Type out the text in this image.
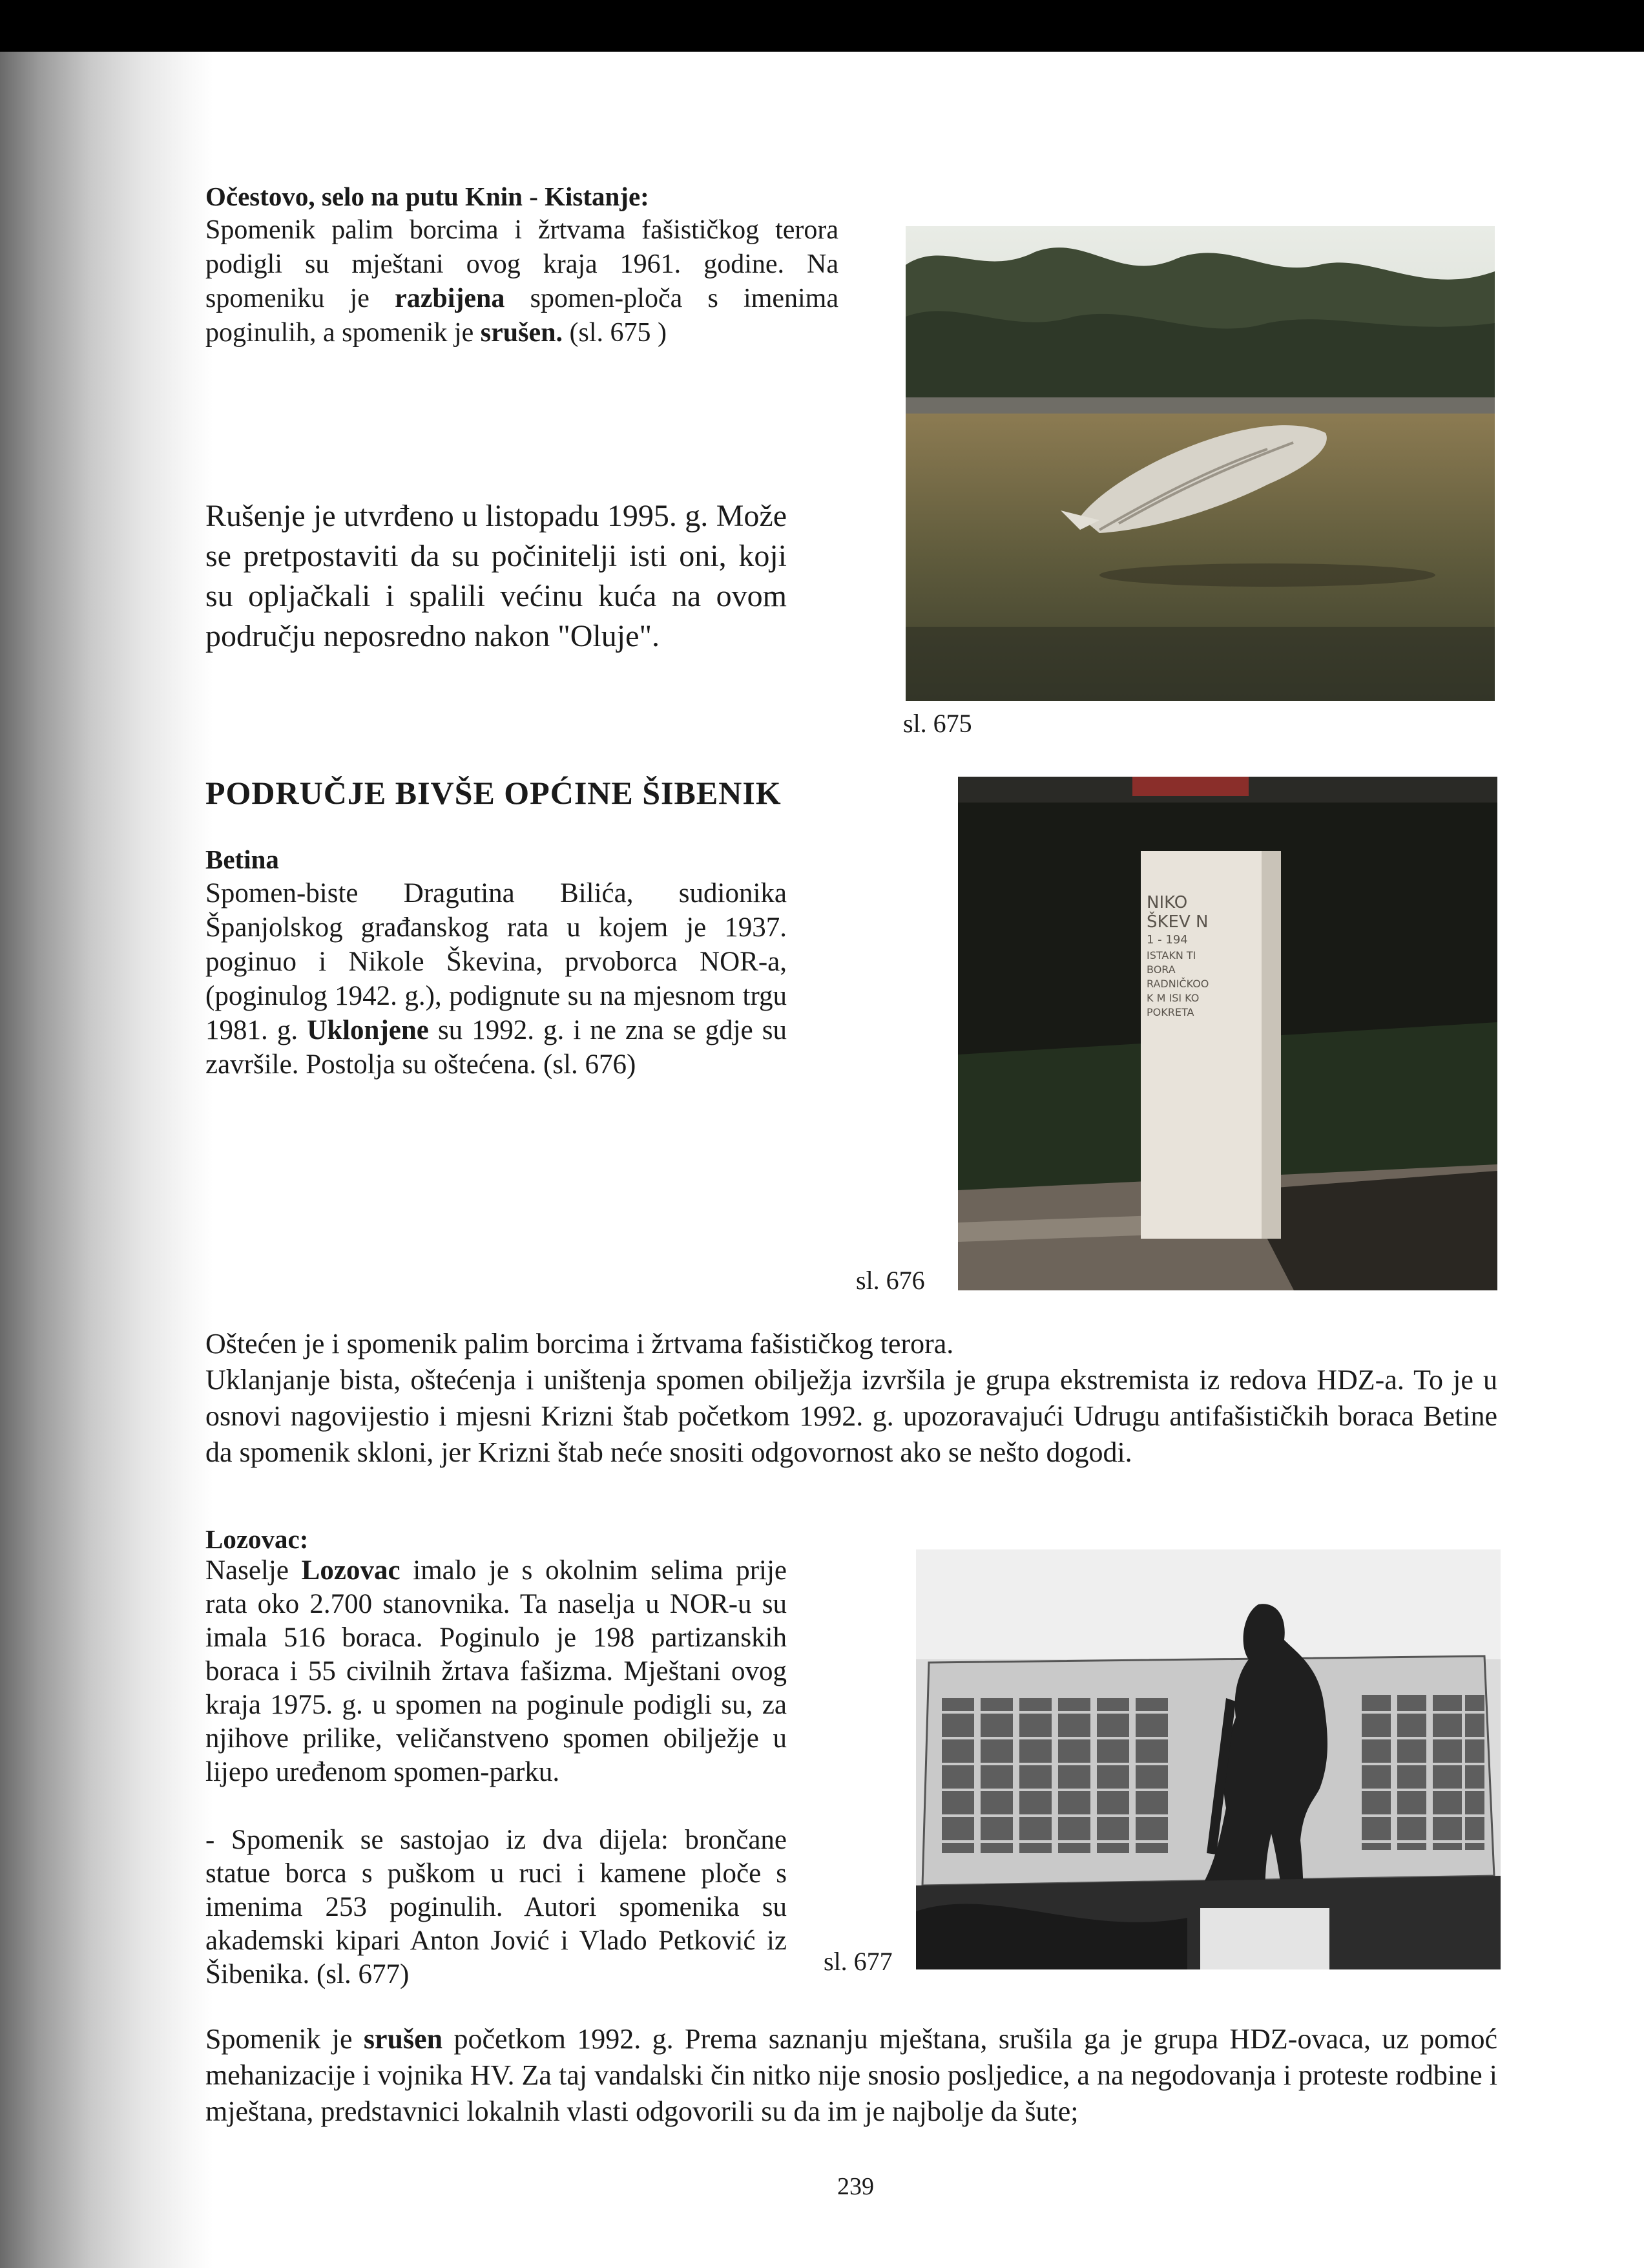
Očestovo, selo na putu Knin - Kistanje:
Spomenik palim borcima i žrtvama fašističkog terora podigli su mještani ovog kraja 1961. godine. Na spomeniku je razbijena spomen-ploča s imenima poginulih, a spomenik je srušen. (sl. 675 )
Rušenje je utvrđeno u listopadu 1995. g. Može se pretpostaviti da su počinitelji isti oni, koji su opljačkali i spalili većinu kuća na ovom području neposredno nakon "Oluje".
sl. 675
PODRUČJE BIVŠE OPĆINE ŠIBENIK
Betina
Spomen-biste Dragutina Bilića, sudionika Španjolskog građanskog rata u kojem je 1937. poginuo i Nikole Škevina, prvoborca NOR-a, (poginulog 1942. g.), podignute su na mjesnom trgu 1981. g. Uklonjene su 1992. g. i ne zna se gdje su završile. Postolja su oštećena. (sl. 676)
NIKO
ŠKEV N
1 - 194
ISTAKN TI
BORA
RADNIČKOO
K M ISI KO
POKRETA
sl. 676
Oštećen je i spomenik palim borcima i žrtvama fašističkog terora.
Uklanjanje bista, oštećenja i uništenja spomen obilježja izvršila je grupa ekstremista iz redova HDZ-a. To je u osnovi nagovijestio i mjesni Krizni štab početkom 1992. g. upozoravajući Udrugu antifašističkih boraca Betine da spomenik skloni, jer Krizni štab neće snositi odgovornost ako se nešto dogodi.
Lozovac:
Naselje Lozovac imalo je s okolnim selima prije rata oko 2.700 stanovnika. Ta naselja u NOR-u su imala 516 boraca. Poginulo je 198 partizanskih boraca i 55 civilnih žrtava fašizma. Mještani ovog kraja 1975. g. u spomen na poginule podigli su, za njihove prilike, veličanstveno spomen obilježje u lijepo uređenom spomen-parku.
- Spomenik se sastojao iz dva dijela: brončane statue borca s puškom u ruci i kamene ploče s imenima 253 poginulih. Autori spomenika su akademski kipari Anton Jović i Vlado Petković iz Šibenika. (sl. 677)	sl. 677
Spomenik je srušen početkom 1992. g. Prema saznanju mještana, srušila ga je grupa HDZ-ovaca, uz pomoć mehanizacije i vojnika HV. Za taj vandalski čin nitko nije snosio posljedice, a na negodovanja i proteste rodbine i mještana, predstavnici lokalnih vlasti odgovorili su da im je najbolje da šute;
239
